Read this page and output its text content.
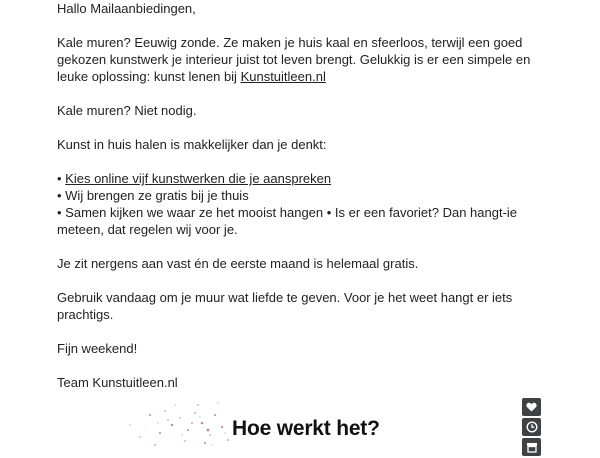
Hallo Mailaanbiedingen,

Kale muren? Eeuwig zonde. Ze maken je huis kaal en sfeerloos, terwijl een goed gekozen kunstwerk je interieur juist tot leven brengt. Gelukkig is er een simpele en leuke oplossing: kunst lenen bij Kunstuitleen.nl

Kale muren? Niet nodig.

Kunst in huis halen is makkelijker dan je denkt:

• Kies online vijf kunstwerken die je aanspreken

• Wij brengen ze gratis bij je thuis

• Samen kijken we waar ze het mooist hangen • Is er een favoriet? Dan hangt-ie meteen, dat regelen wij voor je.

Je zit nergens aan vast én de eerste maand is helemaal gratis.

Gebruik vandaag om je muur wat liefde te geven. Voor je het weet hangt er iets prachtigs.

Fijn weekend!

Team Kunstuitleen.nl

Hoe werkt het?
